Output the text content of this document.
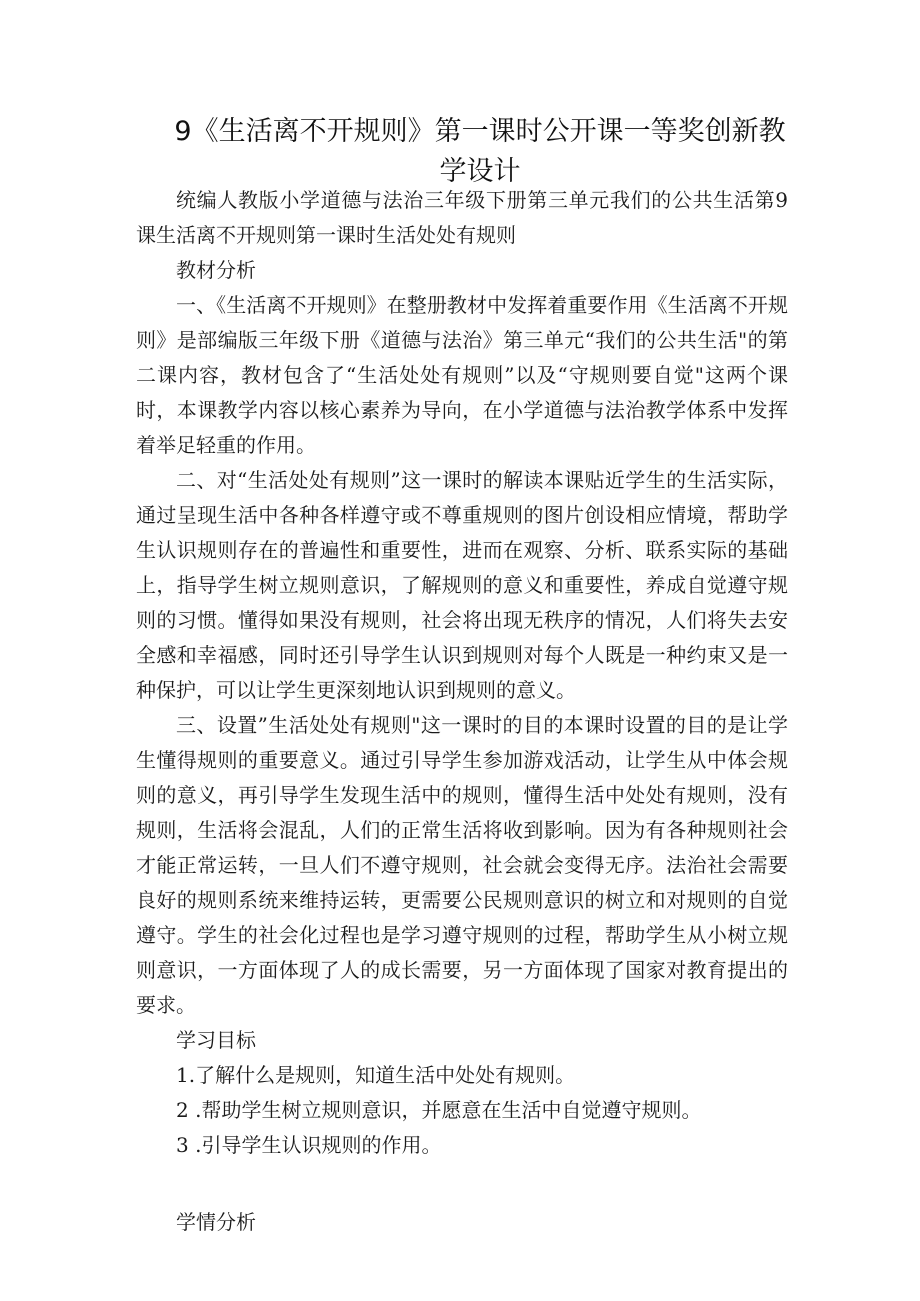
9《生活离不开规则》第一课时公开课一等奖创新教学设计

统编人教版小学道德与法治三年级下册第三单元我们的公共生活第9课生活离不开规则第一课时生活处处有规则

教材分析

一、《生活离不开规则》在整册教材中发挥着重要作用《生活离不开规则》是部编版三年级下册《道德与法治》第三单元“我们的公共生活"的第二课内容，教材包含了“生活处处有规则”以及“守规则要自觉"这两个课时，本课教学内容以核心素养为导向，在小学道德与法治教学体系中发挥着举足轻重的作用。

二、对“生活处处有规则”这一课时的解读本课贴近学生的生活实际，通过呈现生活中各种各样遵守或不尊重规则的图片创设相应情境，帮助学生认识规则存在的普遍性和重要性，进而在观察、分析、联系实际的基础上，指导学生树立规则意识，了解规则的意义和重要性，养成自觉遵守规则的习惯。懂得如果没有规则，社会将出现无秩序的情况，人们将失去安全感和幸福感，同时还引导学生认识到规则对每个人既是一种约束又是一种保护，可以让学生更深刻地认识到规则的意义。

三、设置”生活处处有规则"这一课时的目的本课时设置的目的是让学生懂得规则的重要意义。通过引导学生参加游戏活动，让学生从中体会规则的意义，再引导学生发现生活中的规则，懂得生活中处处有规则，没有规则，生活将会混乱，人们的正常生活将收到影响。因为有各种规则社会才能正常运转，一旦人们不遵守规则，社会就会变得无序。法治社会需要良好的规则系统来维持运转，更需要公民规则意识的树立和对规则的自觉遵守。学生的社会化过程也是学习遵守规则的过程，帮助学生从小树立规则意识，一方面体现了人的成长需要，另一方面体现了国家对教育提出的要求。

学习目标

1.了解什么是规则，知道生活中处处有规则。

2 .帮助学生树立规则意识，并愿意在生活中自觉遵守规则。

3 .引导学生认识规则的作用。

学情分析
